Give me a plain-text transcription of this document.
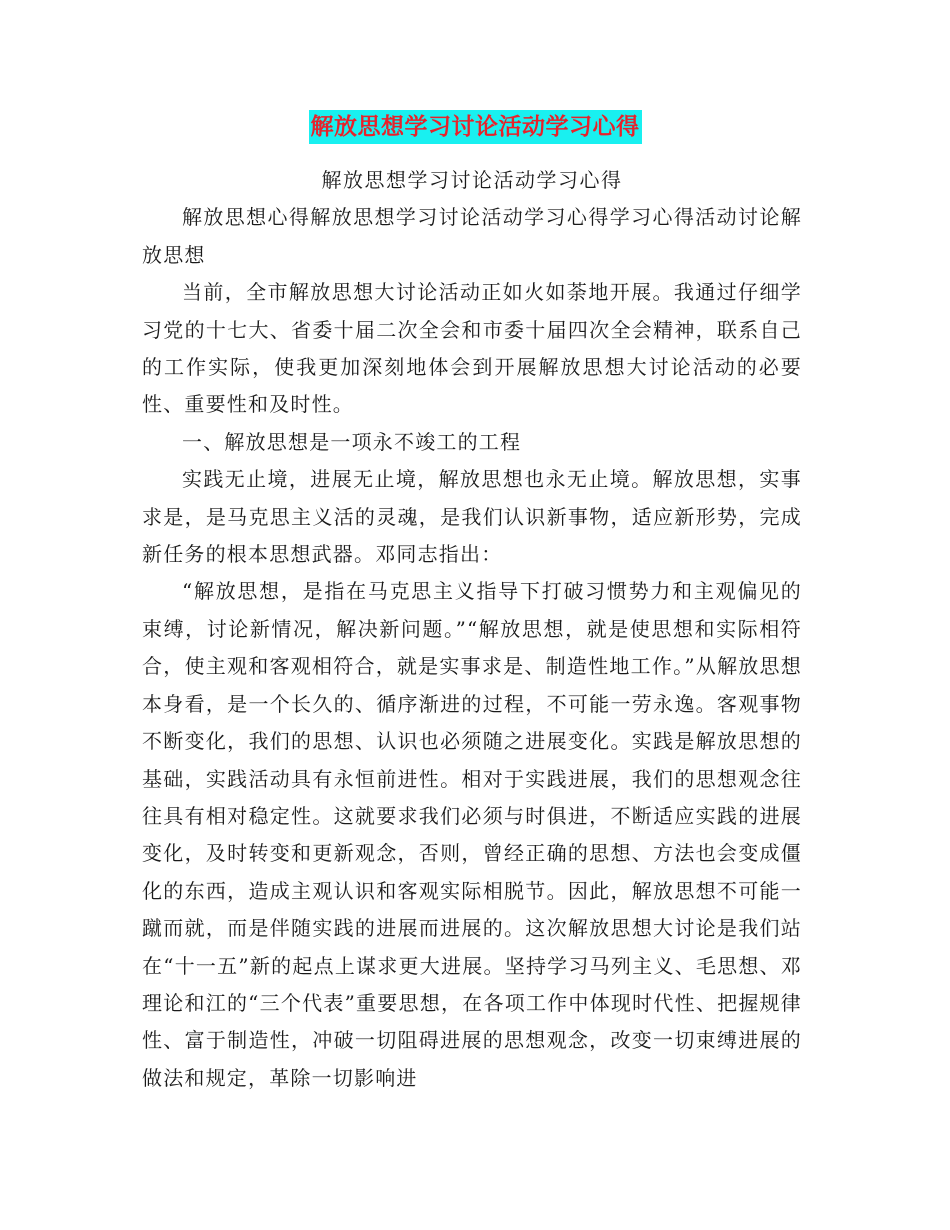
解放思想学习讨论活动学习心得

解放思想学习讨论活动学习心得

解放思想心得解放思想学习讨论活动学习心得学习心得活动讨论解放思想

当前，全市解放思想大讨论活动正如火如荼地开展。我通过仔细学习党的十七大、省委十届二次全会和市委十届四次全会精神，联系自己的工作实际，使我更加深刻地体会到开展解放思想大讨论活动的必要性、重要性和及时性。

一、解放思想是一项永不竣工的工程

实践无止境，进展无止境，解放思想也永无止境。解放思想，实事求是，是马克思主义活的灵魂，是我们认识新事物，适应新形势，完成新任务的根本思想武器。邓同志指出：

“解放思想，是指在马克思主义指导下打破习惯势力和主观偏见的束缚，讨论新情况，解决新问题。”“解放思想，就是使思想和实际相符合，使主观和客观相符合，就是实事求是、制造性地工作。”从解放思想本身看，是一个长久的、循序渐进的过程，不可能一劳永逸。客观事物不断变化，我们的思想、认识也必须随之进展变化。实践是解放思想的基础，实践活动具有永恒前进性。相对于实践进展，我们的思想观念往往具有相对稳定性。这就要求我们必须与时俱进，不断适应实践的进展变化，及时转变和更新观念，否则，曾经正确的思想、方法也会变成僵化的东西，造成主观认识和客观实际相脱节。因此，解放思想不可能一蹴而就，而是伴随实践的进展而进展的。这次解放思想大讨论是我们站在“十一五”新的起点上谋求更大进展。坚持学习马列主义、毛思想、邓理论和江的“三个代表”重要思想，在各项工作中体现时代性、把握规律性、富于制造性，冲破一切阻碍进展的思想观念，改变一切束缚进展的做法和规定，革除一切影响进
